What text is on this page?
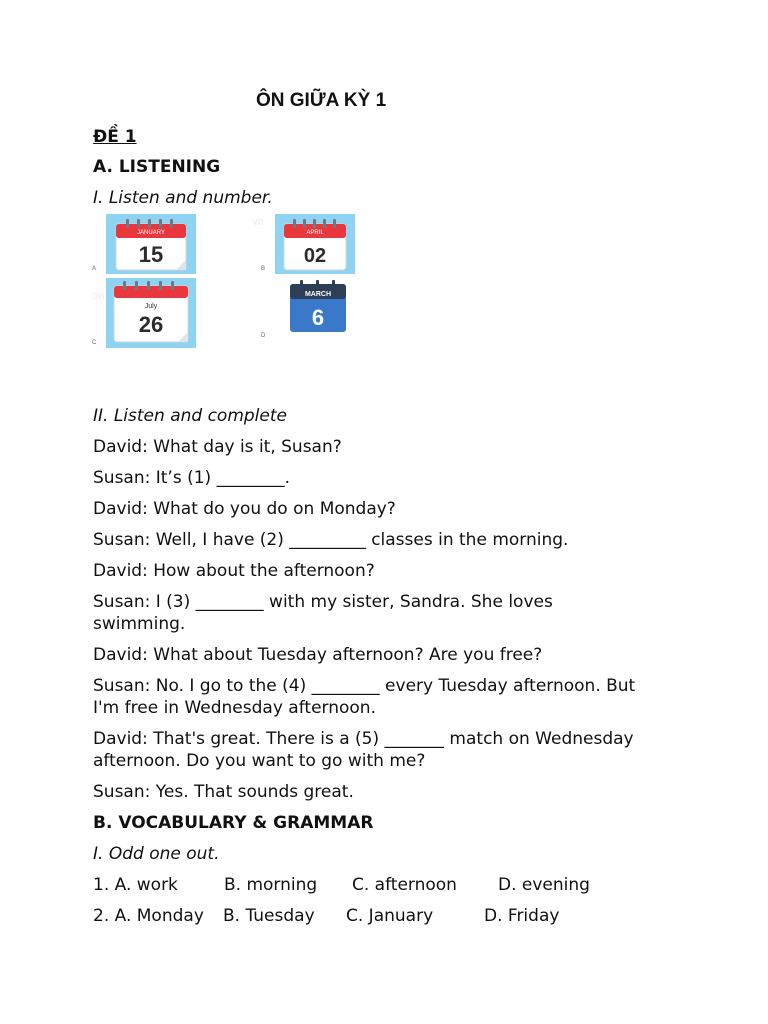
ÔN GIỮA KỲ 1
ĐỀ 1
A. LISTENING
I. Listen and number.
vn
on
JANUARY
15
A
APRIL
02
B
July
26
C
MARCH
6
D
II. Listen and complete
David: What day is it, Susan?
Susan: It’s (1) ________.
David: What do you do on Monday?
Susan: Well, I have (2) _________ classes in the morning.
David: How about the afternoon?
Susan: I (3) ________ with my sister, Sandra. She loves
swimming.
David: What about Tuesday afternoon? Are you free?
Susan: No. I go to the (4) ________ every Tuesday afternoon. But
I'm free in Wednesday afternoon.
David: That's great. There is a (5) _______ match on Wednesday
afternoon. Do you want to go with me?
Susan: Yes. That sounds great.
B. VOCABULARY & GRAMMAR
I. Odd one out.
1. A. work	B. morning C. afternoon D. evening
2. A. Monday B. Tuesday C. January	D. Friday
